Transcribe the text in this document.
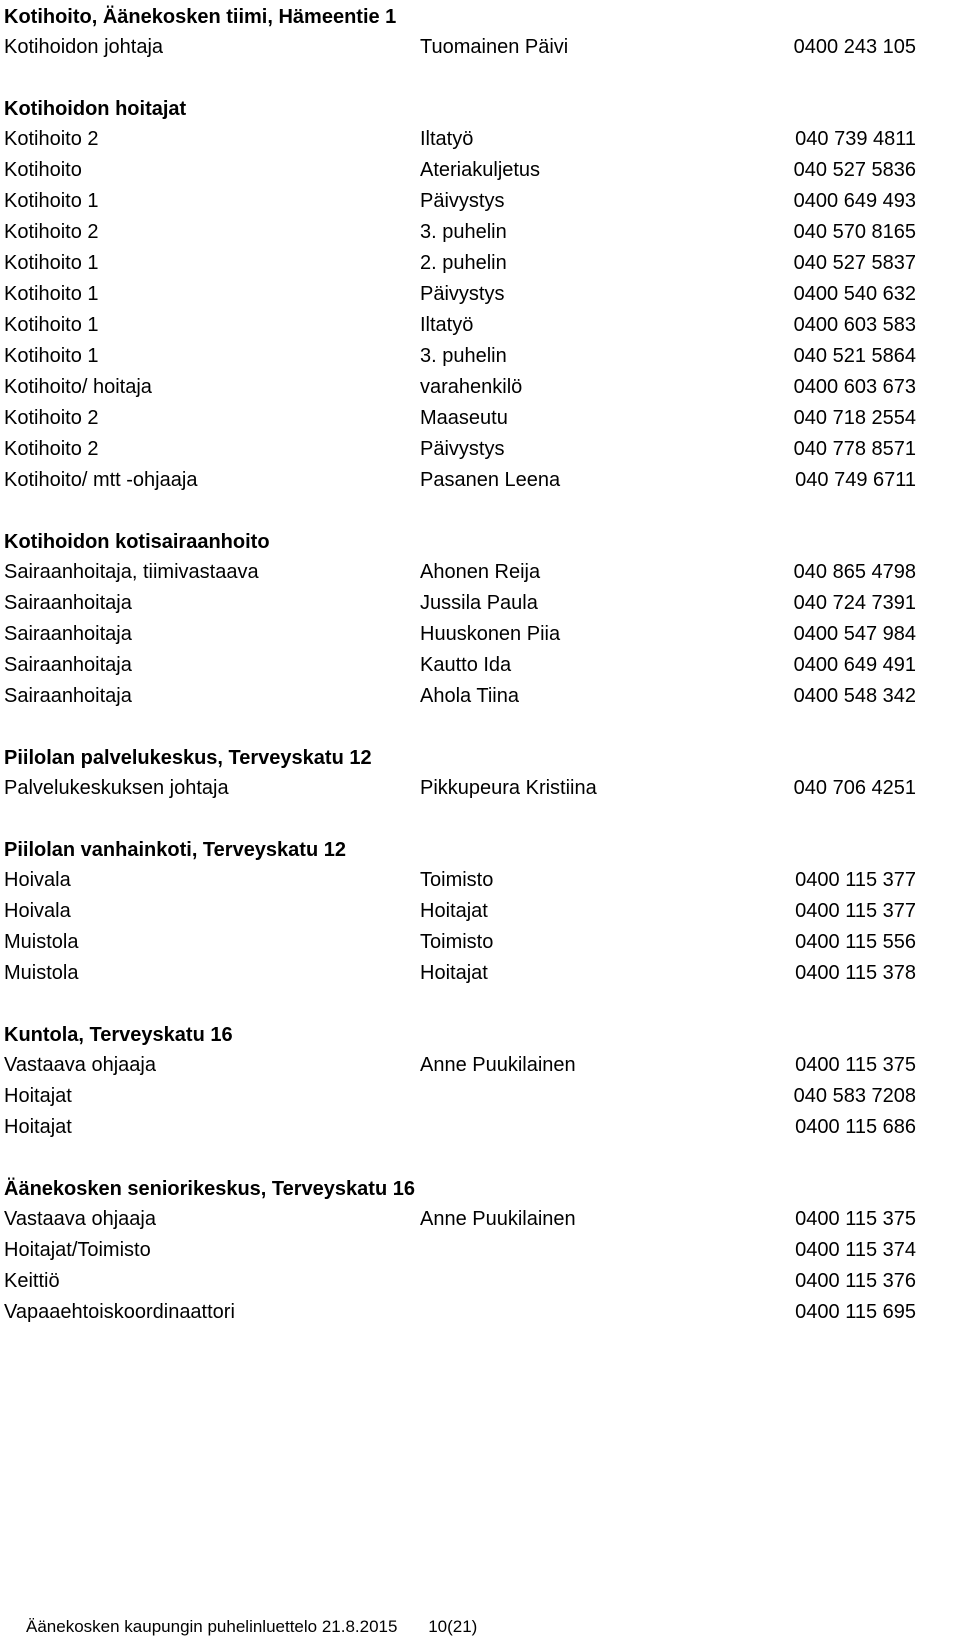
Kotihoito, Äänekosken tiimi, Hämeentie 1
Kotihoidon johtaja	Tuomainen Päivi	0400 243 105
Kotihoidon hoitajat
Kotihoito 2	Iltatyö	040 739 4811
Kotihoito	Ateriakuljetus	040 527 5836
Kotihoito 1	Päivystys	0400 649 493
Kotihoito 2	3. puhelin	040 570 8165
Kotihoito 1	2. puhelin	040 527 5837
Kotihoito 1	Päivystys	0400 540 632
Kotihoito 1	Iltatyö	0400 603 583
Kotihoito 1	3. puhelin	040 521 5864
Kotihoito/ hoitaja	varahenkilö	0400 603 673
Kotihoito 2	Maaseutu	040 718 2554
Kotihoito 2	Päivystys	040 778 8571
Kotihoito/ mtt -ohjaaja	Pasanen Leena	040 749 6711
Kotihoidon kotisairaanhoito
Sairaanhoitaja, tiimivastaava	Ahonen Reija	040 865 4798
Sairaanhoitaja	Jussila Paula	040 724 7391
Sairaanhoitaja	Huuskonen Piia	0400 547 984
Sairaanhoitaja	Kautto Ida	0400 649 491
Sairaanhoitaja	Ahola Tiina	0400 548 342
Piilolan palvelukeskus, Terveyskatu 12
Palvelukeskuksen johtaja	Pikkupeura Kristiina	040 706 4251
Piilolan vanhainkoti, Terveyskatu 12
Hoivala	Toimisto	0400 115 377
Hoivala	Hoitajat	0400 115 377
Muistola	Toimisto	0400 115 556
Muistola	Hoitajat	0400 115 378
Kuntola, Terveyskatu 16
Vastaava ohjaaja	Anne Puukilainen	0400 115 375
Hoitajat	040 583 7208
Hoitajat	0400 115 686
Äänekosken seniorikeskus, Terveyskatu 16
Vastaava ohjaaja	Anne Puukilainen	0400 115 375
Hoitajat/Toimisto	0400 115 374
Keittiö	0400 115 376
Vapaaehtoiskoordinaattori	0400 115 695
Äänekosken kaupungin puhelinluettelo 21.8.2015 10(21)
